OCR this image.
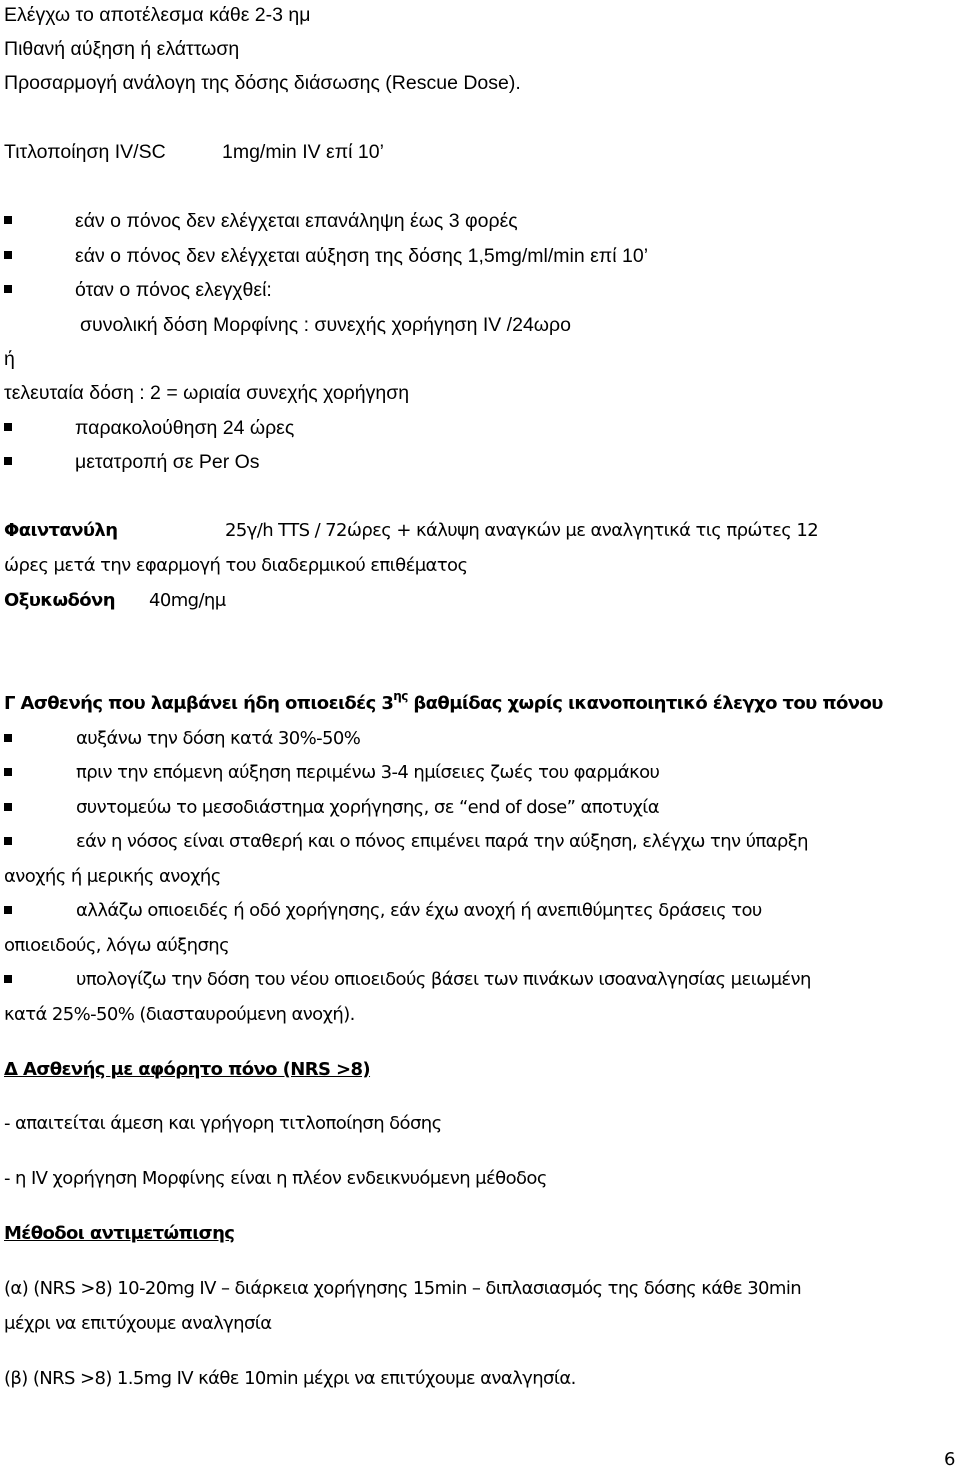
Ελέγχω το αποτέλεσμα κάθε 2-3 ημ
Πιθανή αύξηση ή ελάττωση
Προσαρμογή ανάλογη της δόσης διάσωσης (Rescue Dose).
Τιτλοποίηση IV/SC	1mg/min IV επί 10’
εάν ο πόνος δεν ελέγχεται επανάληψη έως 3 φορές
εάν ο πόνος δεν ελέγχεται αύξηση της δόσης 1,5mg/ml/min επί 10’
όταν ο πόνος ελεγχθεί:
συνολική δόση Μορφίνης : συνεχής χορήγηση IV /24ωρο
ή
τελευταία δόση : 2 = ωριαία συνεχής χορήγηση
παρακολούθηση 24 ώρες
μετατροπή σε Per Os
Φαιντανύλη	25γ/h TTS / 72ώρες + κάλυψη αναγκών με αναλγητικά τις πρώτες 12
ώρες μετά την εφαρμογή του διαδερμικού επιθέματος
Οξυκωδόνη 40mg/ημ
Γ Ασθενής που λαμβάνει ήδη οπιοειδές $3^{\eta\varsigma}$ βαθμίδας χωρίς ικανοποιητικό έλεγχο του πόνου
αυξάνω την δόση κατά 30%-50%
πριν την επόμενη αύξηση περιμένω 3-4 ημίσειες ζωές του φαρμάκου
συντομεύω το μεσοδιάστημα χορήγησης, σε “end of dose” αποτυχία
εάν η νόσος είναι σταθερή και ο πόνος επιμένει παρά την αύξηση, ελέγχω την ύπαρξη
ανοχής ή μερικής ανοχής
αλλάζω οπιοειδές ή οδό χορήγησης, εάν έχω ανοχή ή ανεπιθύμητες δράσεις του
οπιοειδούς, λόγω αύξησης
υπολογίζω την δόση του νέου οπιοειδούς βάσει των πινάκων ισοαναλγησίας μειωμένη
κατά 25%-50% (διασταυρούμενη ανοχή).
Δ Ασθενής με αφόρητο πόνο (NRS >8)
- απαιτείται άμεση και γρήγορη τιτλοποίηση δόσης
- η IV χορήγηση Μορφίνης είναι η πλέον ενδεικνυόμενη μέθοδος
Μέθοδοι αντιμετώπισης
(α) (NRS >8) 10-20mg IV – διάρκεια χορήγησης 15min – διπλασιασμός της δόσης κάθε 30min
μέχρι να επιτύχουμε αναλγησία
(β) (NRS >8) 1.5mg IV κάθε 10min μέχρι να επιτύχουμε αναλγησία.
6
